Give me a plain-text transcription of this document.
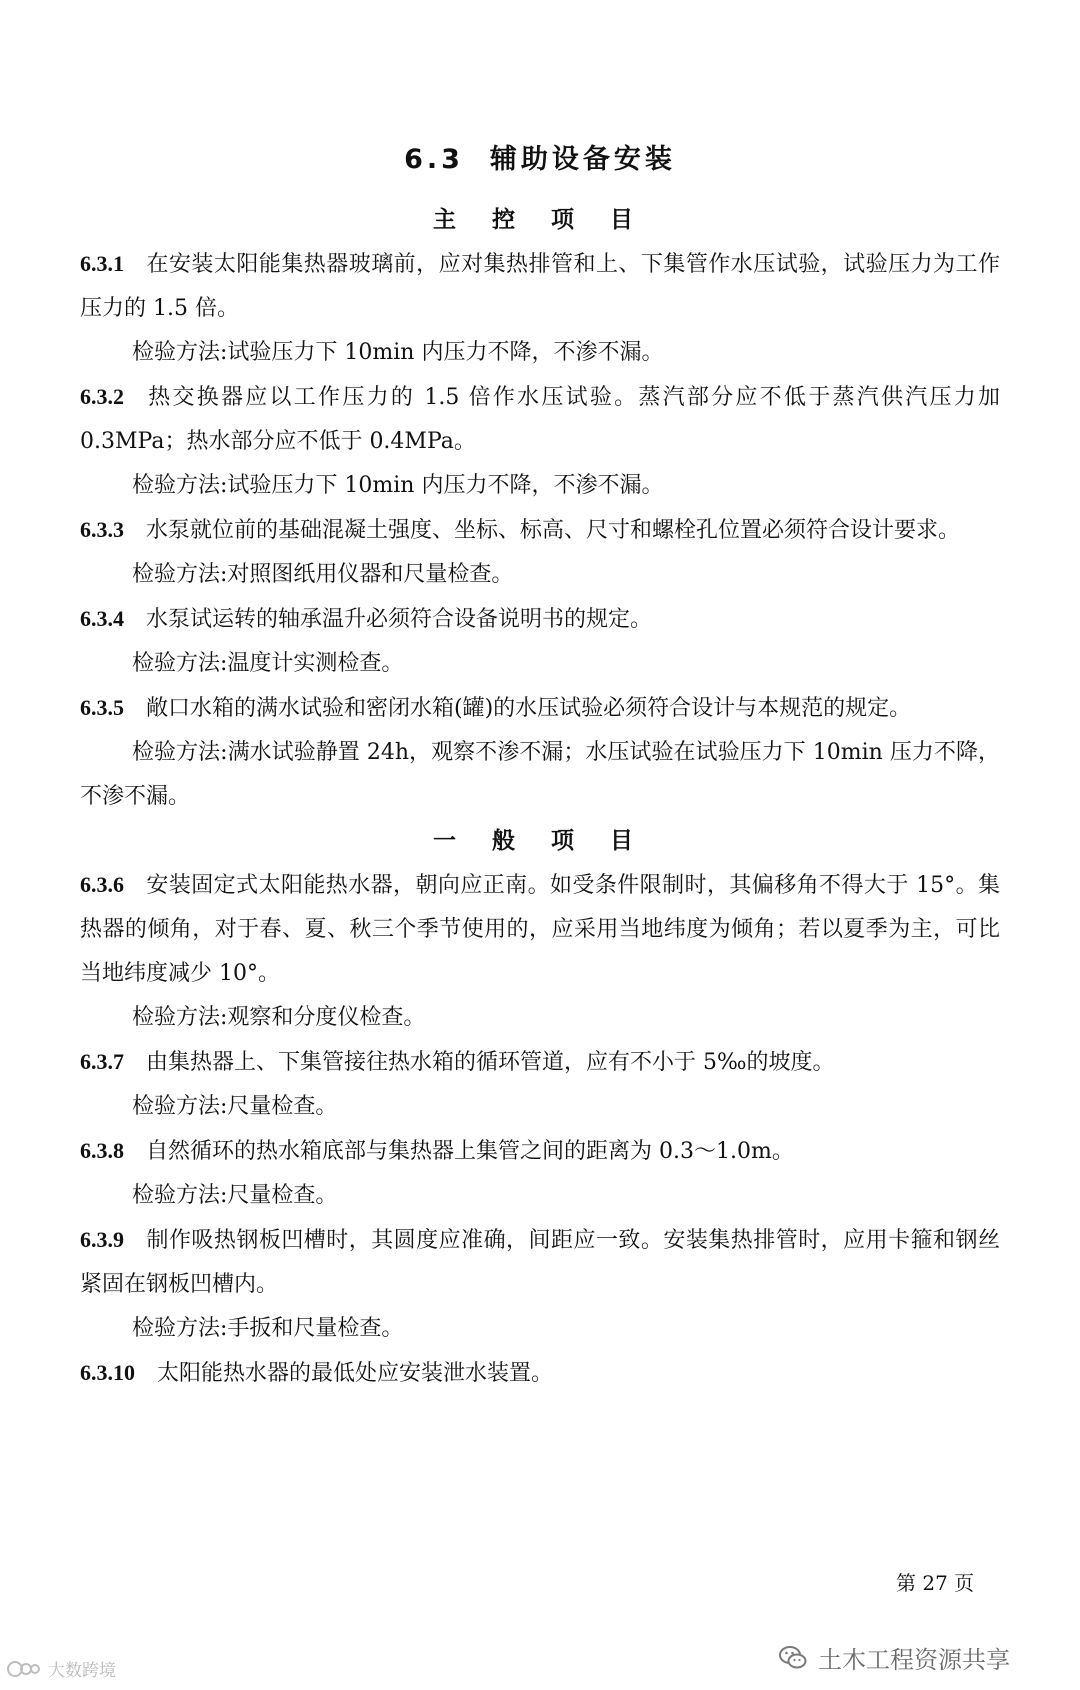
6.3 辅助设备安装
主 控 项 目

6.3.1 在安装太阳能集热器玻璃前，应对集热排管和上、下集管作水压试验，试验压力为工作压力的 1.5 倍。

检验方法:试验压力下 10min 内压力不降，不渗不漏。

6.3.2 热交换器应以工作压力的 1.5 倍作水压试验。蒸汽部分应不低于蒸汽供汽压力加 0.3MPa；热水部分应不低于 0.4MPa。

检验方法:试验压力下 10min 内压力不降，不渗不漏。

6.3.3 水泵就位前的基础混凝土强度、坐标、标高、尺寸和螺栓孔位置必须符合设计要求。

检验方法:对照图纸用仪器和尺量检查。

6.3.4 水泵试运转的轴承温升必须符合设备说明书的规定。

检验方法:温度计实测检查。

6.3.5 敞口水箱的满水试验和密闭水箱(罐)的水压试验必须符合设计与本规范的规定。

检验方法:满水试验静置 24h，观察不渗不漏；水压试验在试验压力下 10min 压力不降，不渗不漏。

一 般 项 目

6.3.6 安装固定式太阳能热水器，朝向应正南。如受条件限制时，其偏移角不得大于 15°。集热器的倾角，对于春、夏、秋三个季节使用的，应采用当地纬度为倾角；若以夏季为主，可比当地纬度减少 10°。

检验方法:观察和分度仪检查。

6.3.7 由集热器上、下集管接往热水箱的循环管道，应有不小于 5‰的坡度。

检验方法:尺量检查。

6.3.8 自然循环的热水箱底部与集热器上集管之间的距离为 0.3～1.0m。

检验方法:尺量检查。

6.3.9 制作吸热钢板凹槽时，其圆度应准确，间距应一致。安装集热排管时，应用卡箍和钢丝紧固在钢板凹槽内。

检验方法:手扳和尺量检查。

6.3.10 太阳能热水器的最低处应安装泄水装置。

第 27 页
土木工程资源共享
大数跨境
